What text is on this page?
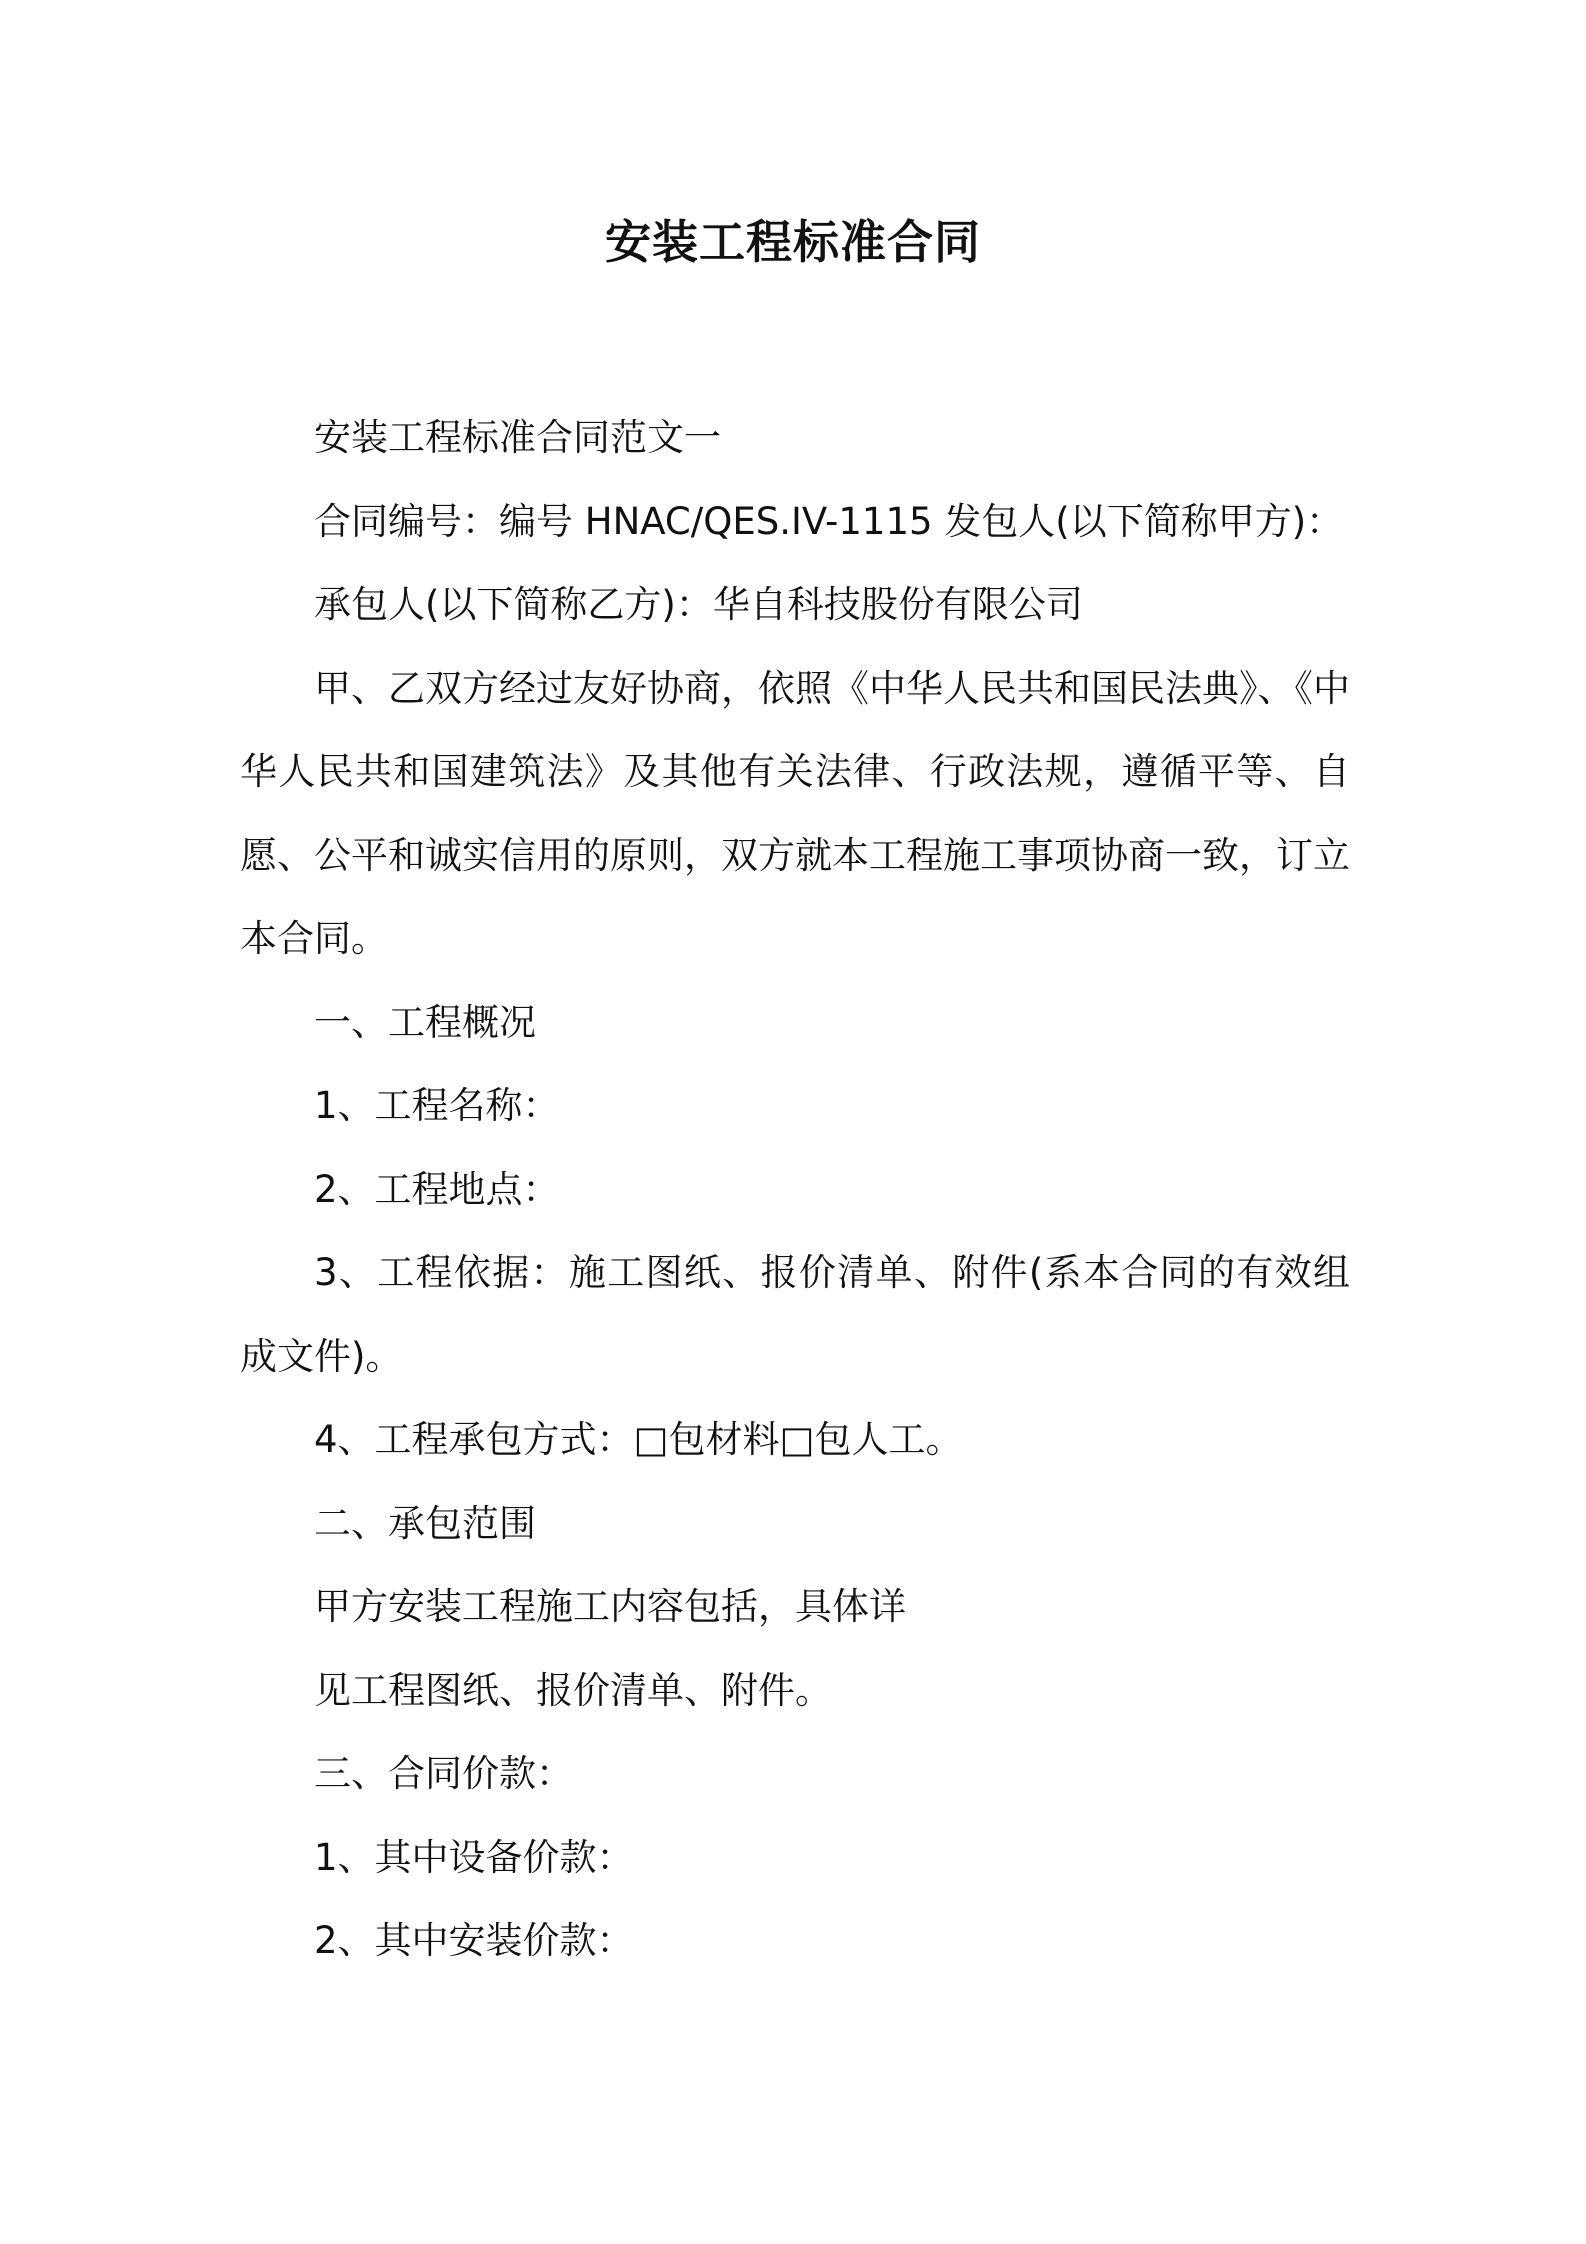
安装工程标准合同

安装工程标准合同范文一

合同编号：编号 HNAC/QES.IV-1115 发包人(以下简称甲方)：

承包人(以下简称乙方)：华自科技股份有限公司

甲、乙双方经过友好协商，依照《中华人民共和国民法典》、《中华人民共和国建筑法》及其他有关法律、行政法规，遵循平等、自愿、公平和诚实信用的原则，双方就本工程施工事项协商一致，订立本合同。

一、工程概况

1、工程名称：

2、工程地点：

3、工程依据：施工图纸、报价清单、附件(系本合同的有效组成文件)。

4、工程承包方式：□包材料□包人工。

二、承包范围

甲方安装工程施工内容包括，具体详

见工程图纸、报价清单、附件。

三、合同价款：

1、其中设备价款：

2、其中安装价款：
